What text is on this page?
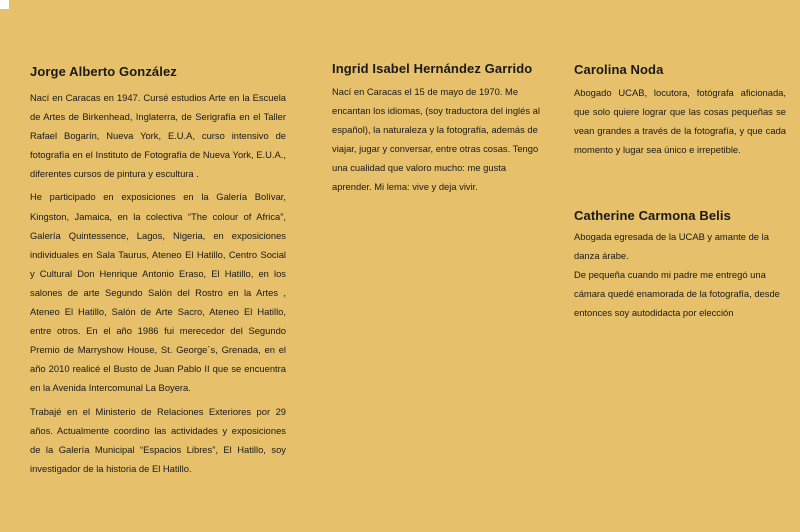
Jorge Alberto González

Nací en Caracas en 1947. Cursé estudios Arte en la Escuela de Artes de Birkenhead, Inglaterra, de Serigrafía en el Taller Rafael Bogarín, Nueva York, E.U.A, curso intensivo de fotografía en el Instituto de Fotografía de Nueva York, E.U.A., diferentes cursos de pintura y escultura .

He participado en exposiciones en la Galería Bolívar, Kingston, Jamaica, en la colectiva “The colour of Africa”, Galería Quintessence, Lagos, Nigeria, en exposiciones individuales en Sala Taurus, Ateneo El Hatillo, Centro Social y Cultural Don Henrique Antonio Eraso, El Hatillo, en los salones de arte Segundo Salón del Rostro en la Artes , Ateneo El Hatillo, Salón de Arte Sacro, Ateneo El Hatillo, entre otros. En el año 1986 fui merecedor del Segundo Premio de Marryshow House, St. George´s, Grenada, en el año 2010 realicé el Busto de Juan Pablo II que se encuentra en la Avenida Intercomunal La Boyera.

Trabajé en el Ministerio de Relaciones Exteriores por 29 años. Actualmente coordino las actividades y exposiciones de la Galería Municipal “Espacios Libres”, El Hatillo, soy investigador de la historia de El Hatillo.

Ingrid Isabel Hernández Garrido

Nací en Caracas el 15 de mayo de 1970. Me encantan los idiomas, (soy traductora del inglés al español), la naturaleza y la fotografía, además de viajar, jugar y conversar, entre otras cosas. Tengo una cualidad que valoro mucho: me gusta aprender. Mi lema: vive y deja vivir.

Carolina Noda

Abogado UCAB, locutora, fotógrafa aficionada, que solo quiere lograr que las cosas pequeñas se vean grandes a través de la fotografía, y que cada momento y lugar sea único e irrepetible.

Catherine Carmona Belis

Abogada egresada de la UCAB y amante de la danza árabe.

De pequeña cuando mi padre me entregó una cámara quedé enamorada de la fotografía, desde entonces soy autodidacta por elección
